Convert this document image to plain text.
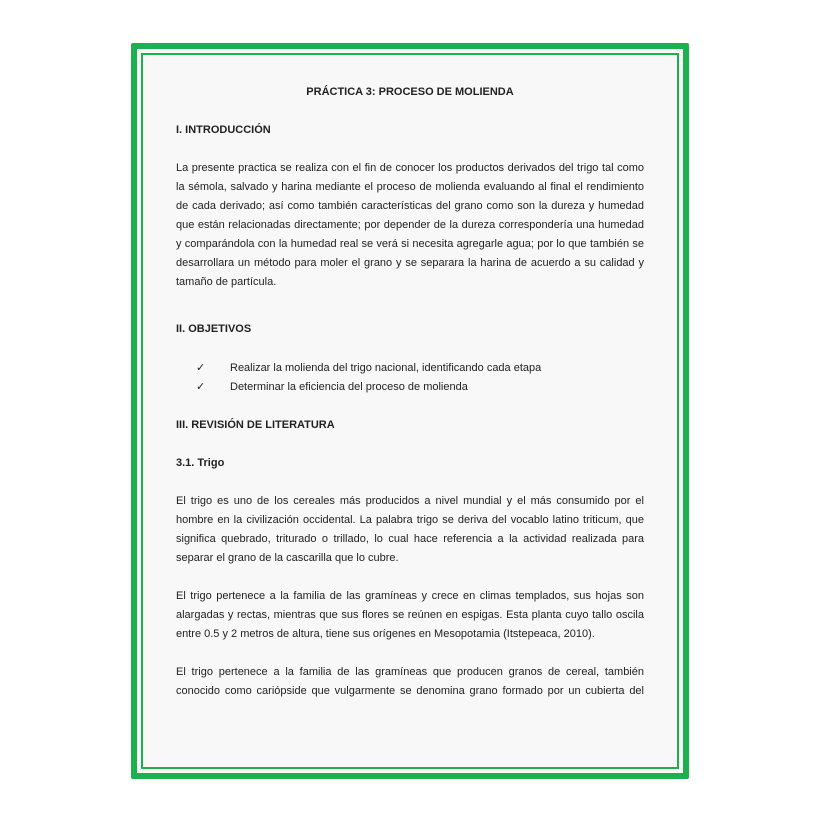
PRÁCTICA 3: PROCESO DE MOLIENDA
I. INTRODUCCIÓN
La presente practica se realiza con el fin de conocer los productos derivados del trigo tal como
la sémola, salvado y harina mediante el proceso de molienda evaluando al final el rendimiento
de cada derivado; así como también características del grano como son la dureza y humedad
que están relacionadas directamente; por depender de la dureza correspondería una humedad
y comparándola con la humedad real se verá si necesita agregarle agua; por lo que también se
desarrollara un método para moler el grano y se separara la harina de acuerdo a su calidad y
tamaño de partícula.
II. OBJETIVOS
✓ Realizar la molienda del trigo nacional, identificando cada etapa
✓ Determinar la eficiencia del proceso de molienda
III. REVISIÓN DE LITERATURA
3.1. Trigo
El trigo es uno de los cereales más producidos a nivel mundial y el más consumido por el
hombre en la civilización occidental. La palabra trigo se deriva del vocablo latino triticum, que
significa quebrado, triturado o trillado, lo cual hace referencia a la actividad realizada para
separar el grano de la cascarilla que lo cubre.
El trigo pertenece a la familia de las gramíneas y crece en climas templados, sus hojas son
alargadas y rectas, mientras que sus flores se reúnen en espigas. Esta planta cuyo tallo oscila
entre 0.5 y 2 metros de altura, tiene sus orígenes en Mesopotamia (Itstepeaca, 2010).
El trigo pertenece a la familia de las gramíneas que producen granos de cereal, también
conocido como cariópside que vulgarmente se denomina grano formado por un cubierta del
